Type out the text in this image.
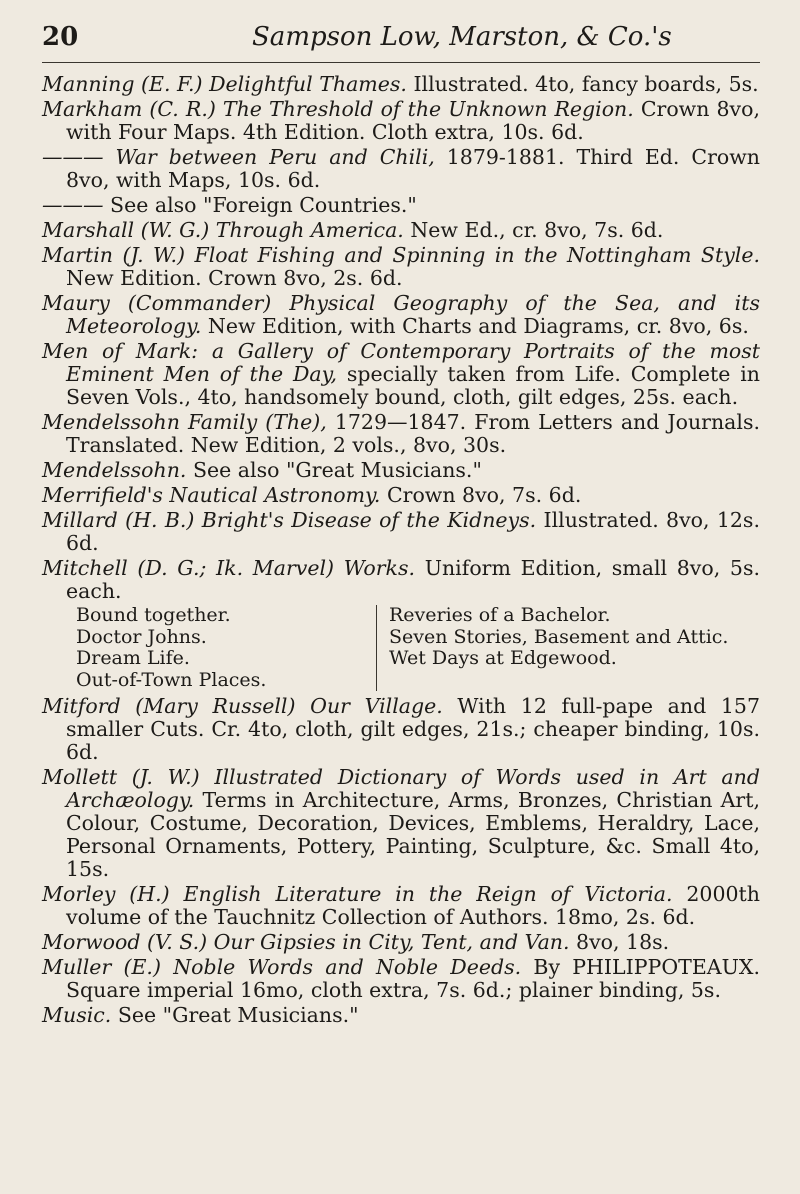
20	Sampson Low, Marston, & Co.'s

Manning (E. F.) Delightful Thames. Illustrated. 4to, fancy boards, 5s.

Markham (C. R.) The Threshold of the Unknown Region. Crown 8vo, with Four Maps. 4th Edition. Cloth extra, 10s. 6d.

——— War between Peru and Chili, 1879-1881. Third Ed. Crown 8vo, with Maps, 10s. 6d.

——— See also "Foreign Countries."

Marshall (W. G.) Through America. New Ed., cr. 8vo, 7s. 6d.

Martin (J. W.) Float Fishing and Spinning in the Nottingham Style. New Edition. Crown 8vo, 2s. 6d.

Maury (Commander) Physical Geography of the Sea, and its Meteorology. New Edition, with Charts and Diagrams, cr. 8vo, 6s.

Men of Mark: a Gallery of Contemporary Portraits of the most Eminent Men of the Day, specially taken from Life. Complete in Seven Vols., 4to, handsomely bound, cloth, gilt edges, 25s. each.

Mendelssohn Family (The), 1729—1847. From Letters and Journals. Translated. New Edition, 2 vols., 8vo, 30s.

Mendelssohn. See also "Great Musicians."

Merrifield's Nautical Astronomy. Crown 8vo, 7s. 6d.

Millard (H. B.) Bright's Disease of the Kidneys. Illustrated. 8vo, 12s. 6d.

Mitchell (D. G.; Ik. Marvel) Works. Uniform Edition, small 8vo, 5s. each.

Bound together.
Doctor Johns.
Dream Life.
Out-of-Town Places.
Reveries of a Bachelor.
Seven Stories, Basement and Attic.
Wet Days at Edgewood.

Mitford (Mary Russell) Our Village. With 12 full-pape and 157 smaller Cuts. Cr. 4to, cloth, gilt edges, 21s.; cheaper binding, 10s. 6d.

Mollett (J. W.) Illustrated Dictionary of Words used in Art and Archæology. Terms in Architecture, Arms, Bronzes, Christian Art, Colour, Costume, Decoration, Devices, Emblems, Heraldry, Lace, Personal Ornaments, Pottery, Painting, Sculpture, &c. Small 4to, 15s.

Morley (H.) English Literature in the Reign of Victoria. 2000th volume of the Tauchnitz Collection of Authors. 18mo, 2s. 6d.

Morwood (V. S.) Our Gipsies in City, Tent, and Van. 8vo, 18s.

Muller (E.) Noble Words and Noble Deeds. By PHILIPPOTEAUX. Square imperial 16mo, cloth extra, 7s. 6d.; plainer binding, 5s.

Music. See "Great Musicians."
